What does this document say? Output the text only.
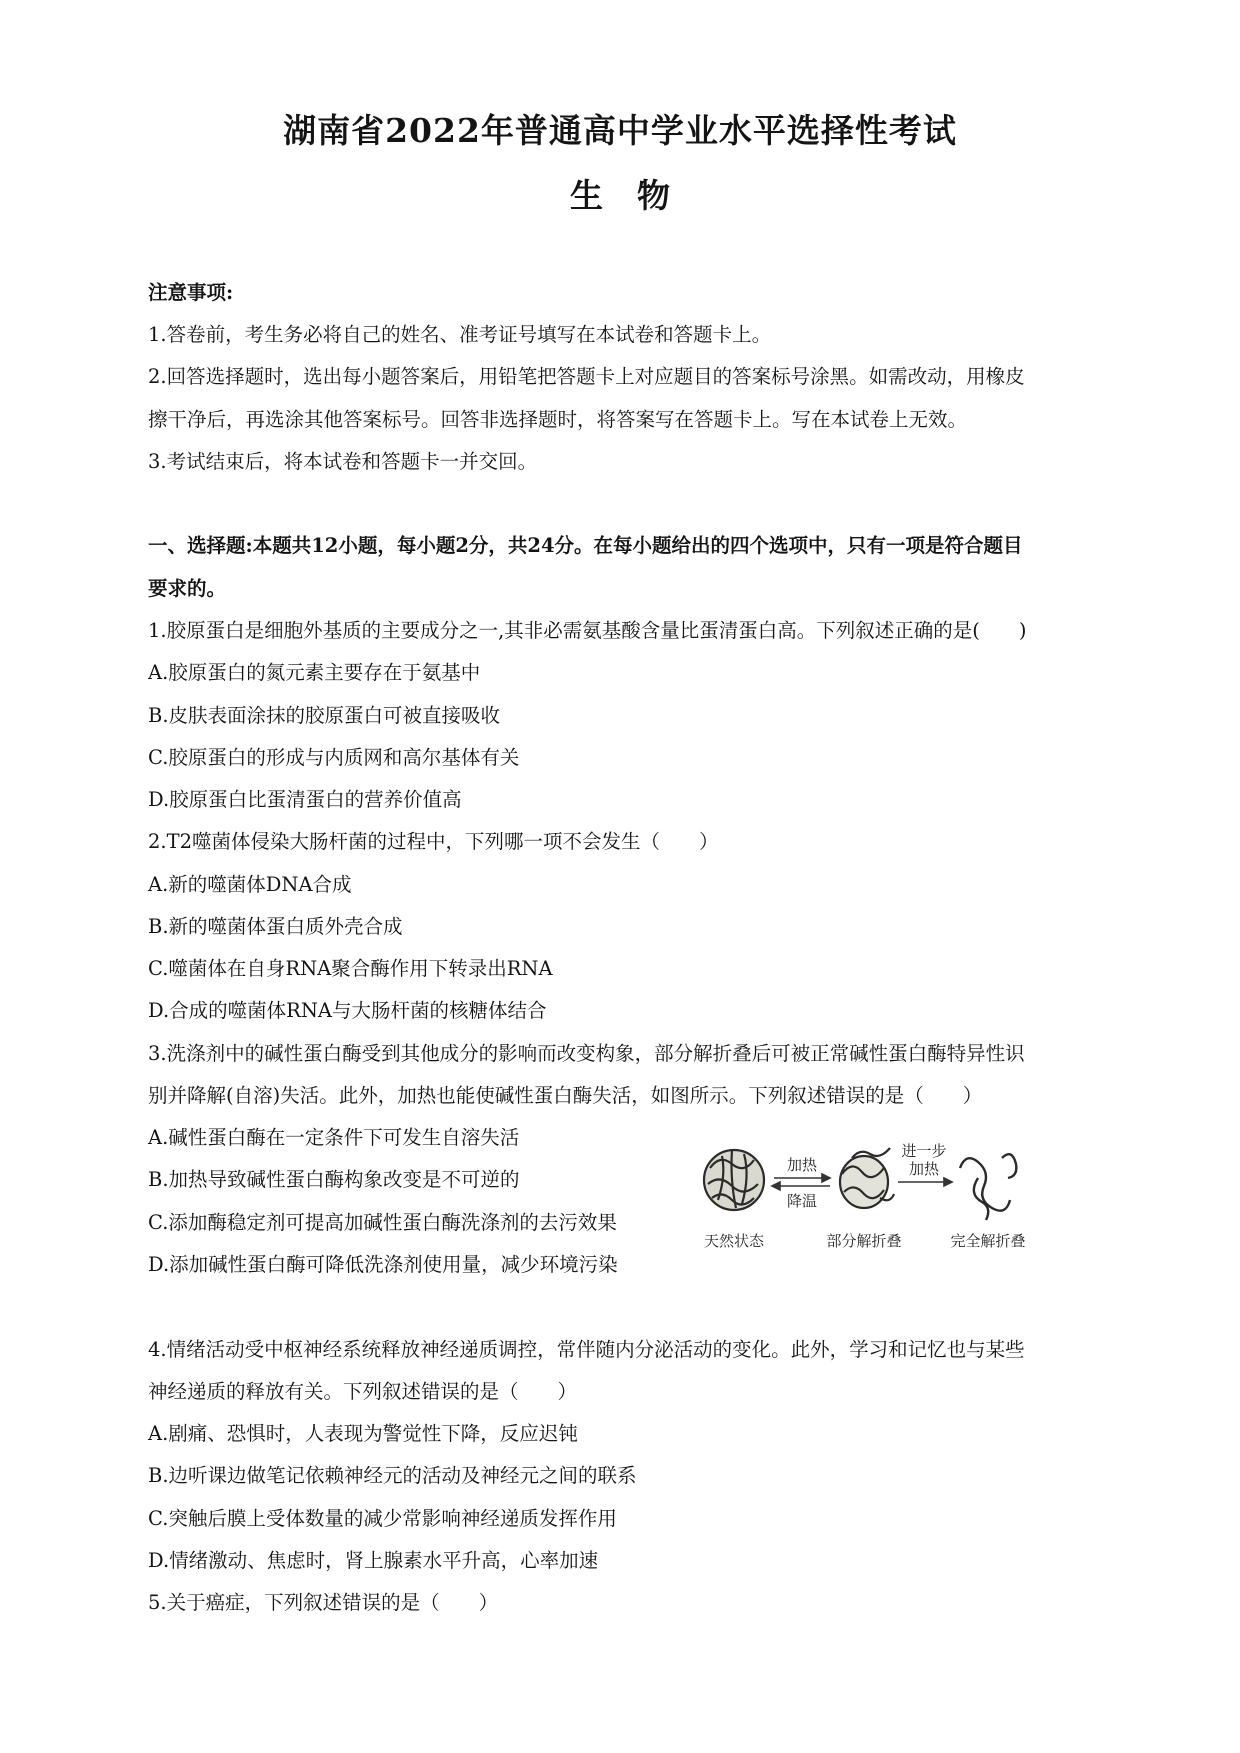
湖南省2022年普通高中学业水平选择性考试
生物
注意事项:
1.答卷前，考生务必将自己的姓名、准考证号填写在本试卷和答题卡上。
2.回答选择题时，选出每小题答案后，用铅笔把答题卡上对应题目的答案标号涂黑。如需改动，用橡皮
擦干净后，再选涂其他答案标号。回答非选择题时，将答案写在答题卡上。写在本试卷上无效。
3.考试结束后，将本试卷和答题卡一并交回。
一、选择题:本题共12小题，每小题2分，共24分。在每小题给出的四个选项中，只有一项是符合题目
要求的。
1.胶原蛋白是细胞外基质的主要成分之一,其非必需氨基酸含量比蛋清蛋白高。下列叙述正确的是(　　)
A.胶原蛋白的氮元素主要存在于氨基中
B.皮肤表面涂抹的胶原蛋白可被直接吸收
C.胶原蛋白的形成与内质网和高尔基体有关
D.胶原蛋白比蛋清蛋白的营养价值高
2.T2噬菌体侵染大肠杆菌的过程中，下列哪一项不会发生（　　）
A.新的噬菌体DNA合成
B.新的噬菌体蛋白质外壳合成
C.噬菌体在自身RNA聚合酶作用下转录出RNA
D.合成的噬菌体RNA与大肠杆菌的核糖体结合
3.洗涤剂中的碱性蛋白酶受到其他成分的影响而改变构象，部分解折叠后可被正常碱性蛋白酶特异性识
别并降解(自溶)失活。此外，加热也能使碱性蛋白酶失活，如图所示。下列叙述错误的是（　　）
A.碱性蛋白酶在一定条件下可发生自溶失活
B.加热导致碱性蛋白酶构象改变是不可逆的
C.添加酶稳定剂可提高加碱性蛋白酶洗涤剂的去污效果
D.添加碱性蛋白酶可降低洗涤剂使用量，减少环境污染
加热
降温
进一步
加热
天然状态	部分解折叠	完全解折叠
4.情绪活动受中枢神经系统释放神经递质调控，常伴随内分泌活动的变化。此外，学习和记忆也与某些
神经递质的释放有关。下列叙述错误的是（　　）
A.剧痛、恐惧时，人表现为警觉性下降，反应迟钝
B.边听课边做笔记依赖神经元的活动及神经元之间的联系
C.突触后膜上受体数量的减少常影响神经递质发挥作用
D.情绪激动、焦虑时，肾上腺素水平升高，心率加速
5.关于癌症，下列叙述错误的是（　　）
